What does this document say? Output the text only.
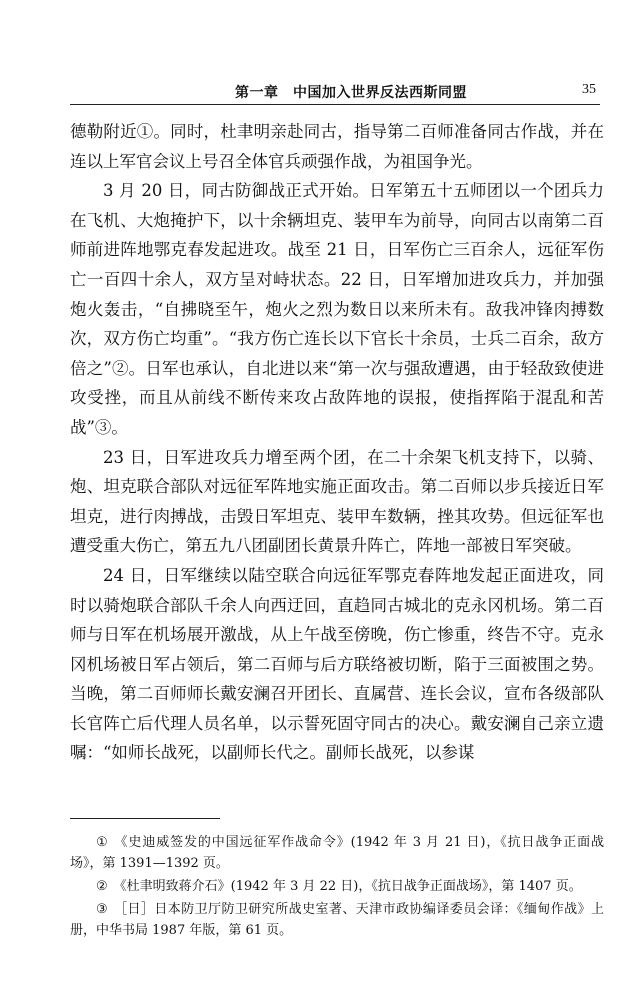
第一章　中国加入世界反法西斯同盟	35

德勒附近①。同时，杜聿明亲赴同古，指导第二百师准备同古作战，并在连以上军官会议上号召全体官兵顽强作战，为祖国争光。

3 月 20 日，同古防御战正式开始。日军第五十五师团以一个团兵力在飞机、大炮掩护下，以十余辆坦克、装甲车为前导，向同古以南第二百师前进阵地鄂克春发起进攻。战至 21 日，日军伤亡三百余人，远征军伤亡一百四十余人，双方呈对峙状态。22 日，日军增加进攻兵力，并加强炮火轰击，“自拂晓至午，炮火之烈为数日以来所未有。敌我冲锋肉搏数次，双方伤亡均重”。“我方伤亡连长以下官长十余员，士兵二百余，敌方倍之”②。日军也承认，自北进以来“第一次与强敌遭遇，由于轻敌致使进攻受挫，而且从前线不断传来攻占敌阵地的误报，使指挥陷于混乱和苦战”③。

23 日，日军进攻兵力增至两个团，在二十余架飞机支持下，以骑、炮、坦克联合部队对远征军阵地实施正面攻击。第二百师以步兵接近日军坦克，进行肉搏战，击毁日军坦克、装甲车数辆，挫其攻势。但远征军也遭受重大伤亡，第五九八团副团长黄景升阵亡，阵地一部被日军突破。

24 日，日军继续以陆空联合向远征军鄂克春阵地发起正面进攻，同时以骑炮联合部队千余人向西迂回，直趋同古城北的克永冈机场。第二百师与日军在机场展开激战，从上午战至傍晚，伤亡惨重，终告不守。克永冈机场被日军占领后，第二百师与后方联络被切断，陷于三面被围之势。当晚，第二百师师长戴安澜召开团长、直属营、连长会议，宣布各级部队长官阵亡后代理人员名单，以示誓死固守同古的决心。戴安澜自己亲立遗嘱：“如师长战死，以副师长代之。副师长战死，以参谋

① 《史迪威签发的中国远征军作战命令》(1942 年 3 月 21 日)，《抗日战争正面战场》，第 1391—1392 页。

② 《杜聿明致蒋介石》(1942 年 3 月 22 日)，《抗日战争正面战场》，第 1407 页。

③ ［日］日本防卫厅防卫研究所战史室著、天津市政协编译委员会译：《缅甸作战》上册，中华书局 1987 年版，第 61 页。
